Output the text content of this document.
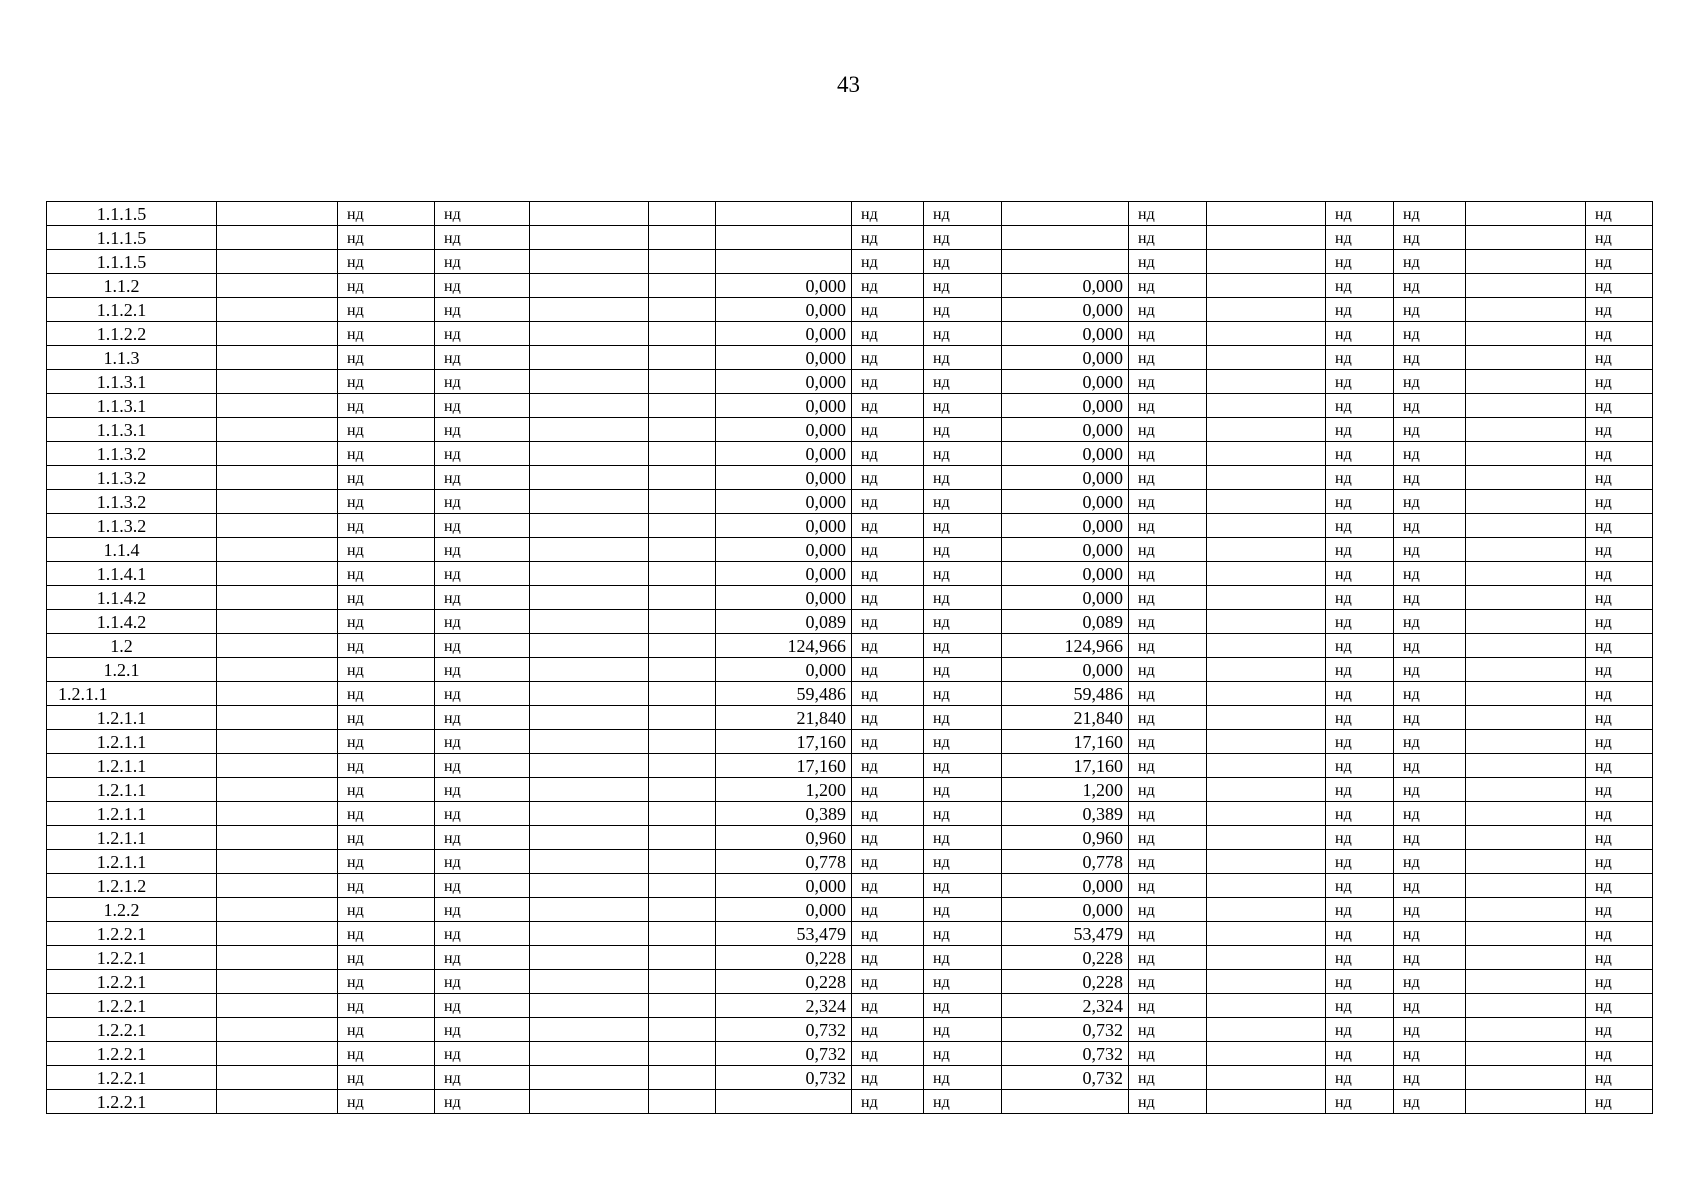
43
1.1.1.5		нд	нд				нд	нд		нд		нд	нд		нд
1.1.1.5		нд	нд				нд	нд		нд		нд	нд		нд
1.1.1.5		нд	нд				нд	нд		нд		нд	нд		нд
1.1.2		нд	нд			0,000	нд	нд	0,000	нд		нд	нд		нд
1.1.2.1		нд	нд			0,000	нд	нд	0,000	нд		нд	нд		нд
1.1.2.2		нд	нд			0,000	нд	нд	0,000	нд		нд	нд		нд
1.1.3		нд	нд			0,000	нд	нд	0,000	нд		нд	нд		нд
1.1.3.1		нд	нд			0,000	нд	нд	0,000	нд		нд	нд		нд
1.1.3.1		нд	нд			0,000	нд	нд	0,000	нд		нд	нд		нд
1.1.3.1		нд	нд			0,000	нд	нд	0,000	нд		нд	нд		нд
1.1.3.2		нд	нд			0,000	нд	нд	0,000	нд		нд	нд		нд
1.1.3.2		нд	нд			0,000	нд	нд	0,000	нд		нд	нд		нд
1.1.3.2		нд	нд			0,000	нд	нд	0,000	нд		нд	нд		нд
1.1.3.2		нд	нд			0,000	нд	нд	0,000	нд		нд	нд		нд
1.1.4		нд	нд			0,000	нд	нд	0,000	нд		нд	нд		нд
1.1.4.1		нд	нд			0,000	нд	нд	0,000	нд		нд	нд		нд
1.1.4.2		нд	нд			0,000	нд	нд	0,000	нд		нд	нд		нд
1.1.4.2		нд	нд			0,089	нд	нд	0,089	нд		нд	нд		нд
1.2		нд	нд			124,966	нд	нд	124,966	нд		нд	нд		нд
1.2.1		нд	нд			0,000	нд	нд	0,000	нд		нд	нд		нд
1.2.1.1		нд	нд			59,486	нд	нд	59,486	нд		нд	нд		нд
1.2.1.1		нд	нд			21,840	нд	нд	21,840	нд		нд	нд		нд
1.2.1.1		нд	нд			17,160	нд	нд	17,160	нд		нд	нд		нд
1.2.1.1		нд	нд			17,160	нд	нд	17,160	нд		нд	нд		нд
1.2.1.1		нд	нд			1,200	нд	нд	1,200	нд		нд	нд		нд
1.2.1.1		нд	нд			0,389	нд	нд	0,389	нд		нд	нд		нд
1.2.1.1		нд	нд			0,960	нд	нд	0,960	нд		нд	нд		нд
1.2.1.1		нд	нд			0,778	нд	нд	0,778	нд		нд	нд		нд
1.2.1.2		нд	нд			0,000	нд	нд	0,000	нд		нд	нд		нд
1.2.2		нд	нд			0,000	нд	нд	0,000	нд		нд	нд		нд
1.2.2.1		нд	нд			53,479	нд	нд	53,479	нд		нд	нд		нд
1.2.2.1		нд	нд			0,228	нд	нд	0,228	нд		нд	нд		нд
1.2.2.1		нд	нд			0,228	нд	нд	0,228	нд		нд	нд		нд
1.2.2.1		нд	нд			2,324	нд	нд	2,324	нд		нд	нд		нд
1.2.2.1		нд	нд			0,732	нд	нд	0,732	нд		нд	нд		нд
1.2.2.1		нд	нд			0,732	нд	нд	0,732	нд		нд	нд		нд
1.2.2.1		нд	нд			0,732	нд	нд	0,732	нд		нд	нд		нд
1.2.2.1		нд	нд				нд	нд		нд		нд	нд		нд
